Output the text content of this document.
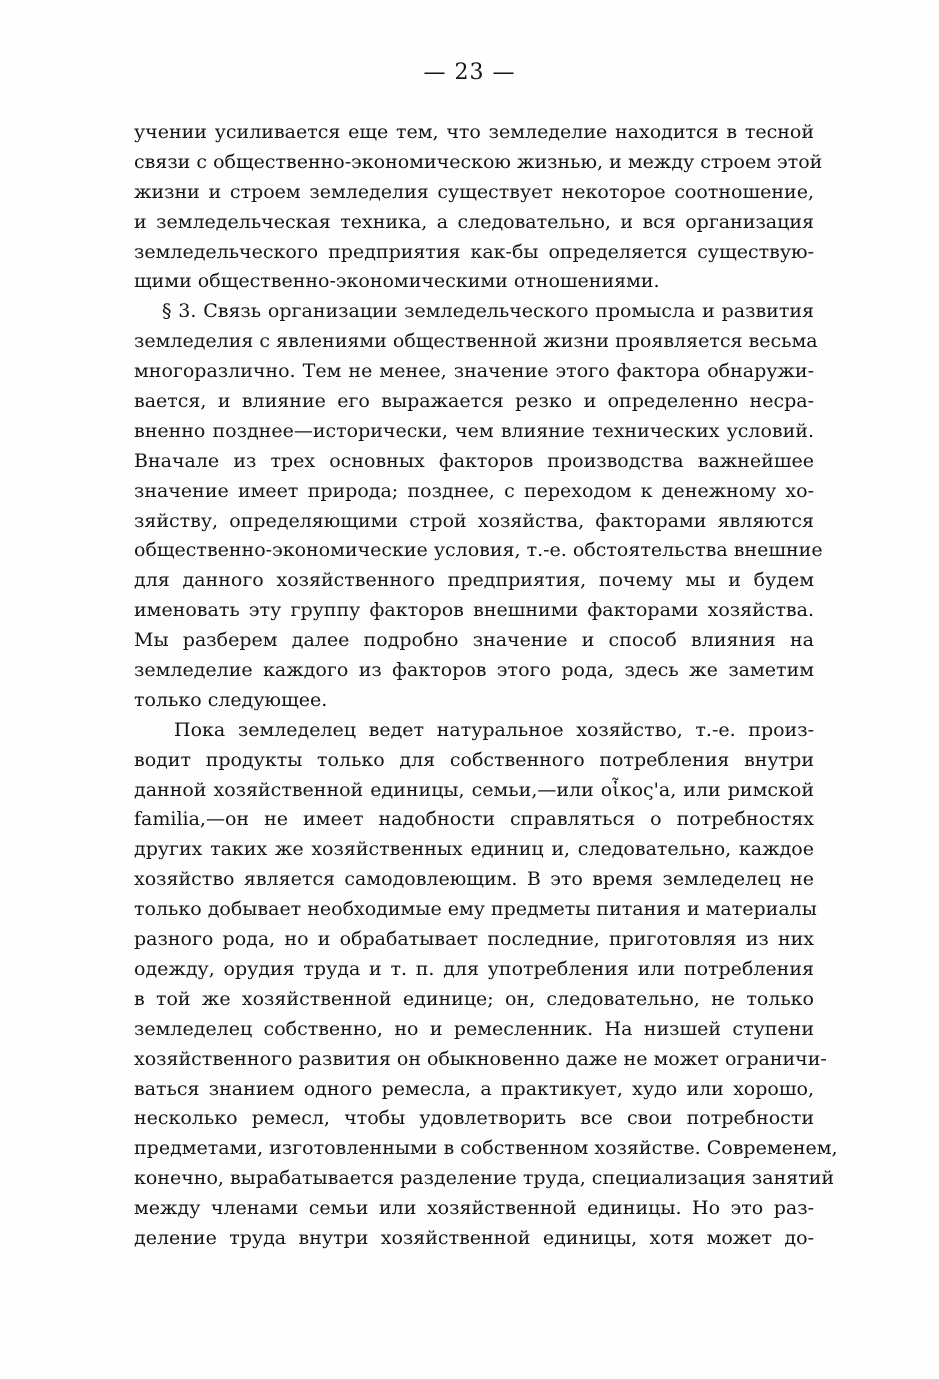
— 23 —
учении усиливается еще тем, что земледелие находится в тесной
связи с общественно-экономическою жизнью, и между строем этой
жизни и строем земледелия существует некоторое соотношение,
и земледельческая техника, а следовательно, и вся организация
земледельческого предприятия как-бы определяется существую-
щими общественно-экономическими отношениями.
§ 3. Связь организации земледельческого промысла и развития
земледелия с явлениями общественной жизни проявляется весьма
многоразлично. Тем не менее, значение этого фактора обнаружи-
вается, и влияние его выражается резко и определенно несра-
вненно позднее—исторически, чем влияние технических условий.
Вначале из трех основных факторов производства важнейшее
значение имеет природа; позднее, с переходом к денежному хо-
зяйству, определяющими строй хозяйства, факторами являются
общественно-экономические условия, т.-е. обстоятельства внешние
для данного хозяйственного предприятия, почему мы и будем
именовать эту группу факторов внешними факторами хозяйства.
Мы разберем далее подробно значение и способ влияния на
земледелие каждого из факторов этого рода, здесь же заметим
только следующее.
Пока земледелец ведет натуральное хозяйство, т.-е. произ-
водит продукты только для собственного потребления внутри
данной хозяйственной единицы, семьи,—или οἶκος'а, или римской
familia,—он не имеет надобности справляться о потребностях
других таких же хозяйственных единиц и, следовательно, каждое
хозяйство является самодовлеющим. В это время земледелец не
только добывает необходимые ему предметы питания и материалы
разного рода, но и обрабатывает последние, приготовляя из них
одежду, орудия труда и т. п. для употребления или потребления
в той же хозяйственной единице; он, следовательно, не только
земледелец собственно, но и ремесленник. На низшей ступени
хозяйственного развития он обыкновенно даже не может ограничи-
ваться знанием одного ремесла, а практикует, худо или хорошо,
несколько ремесл, чтобы удовлетворить все свои потребности
предметами, изготовленными в собственном хозяйстве. Современем,
конечно, вырабатывается разделение труда, специализация занятий
между членами семьи или хозяйственной единицы. Но это раз-
деление труда внутри хозяйственной единицы, хотя может до-
